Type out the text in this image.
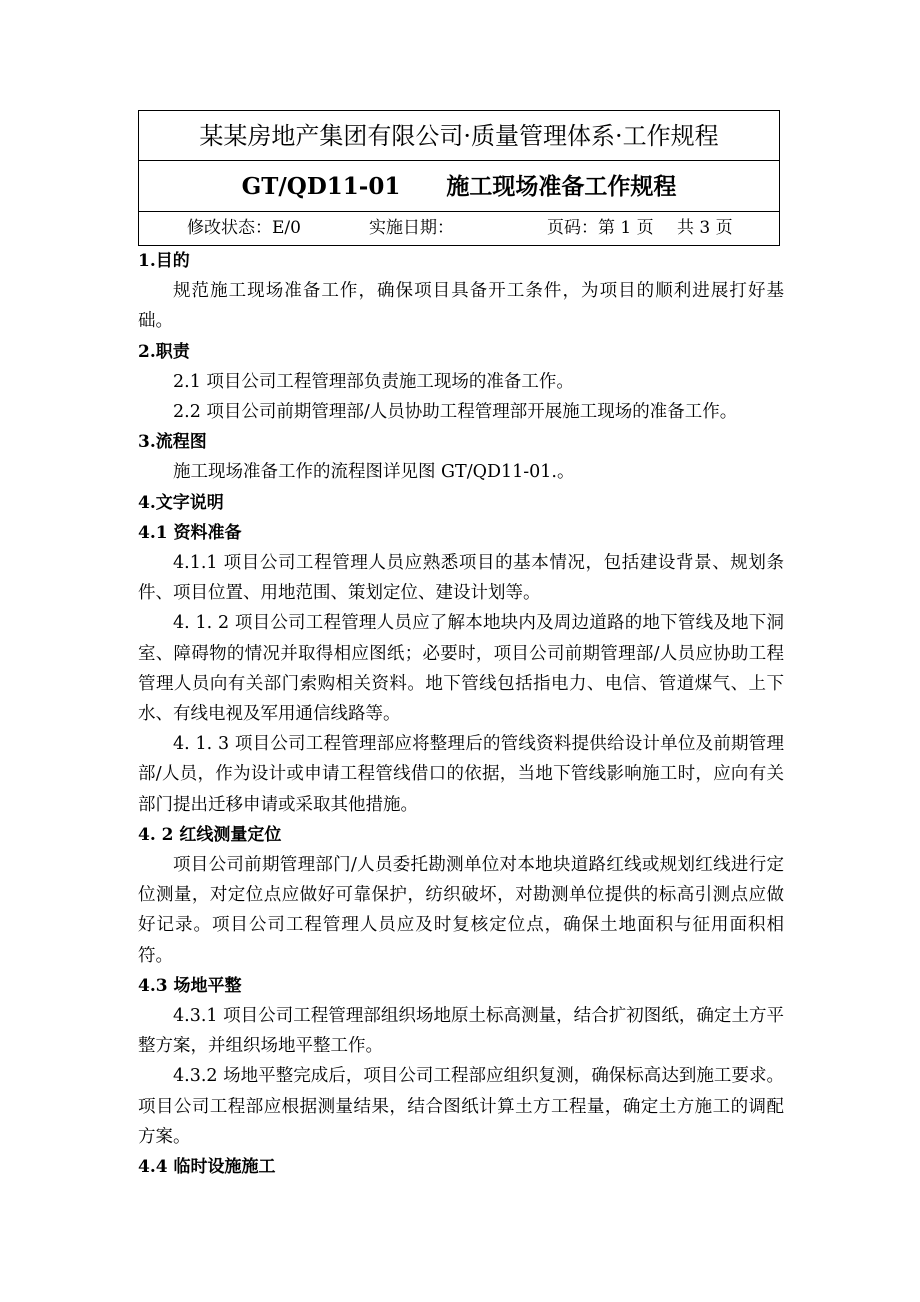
某某房地产集团有限公司·质量管理体系·工作规程
GT/QD11-01 施工现场准备工作规程
修改状态：E/0	实施日期：	页码：第 1 页 共 3 页

1.目的

规范施工现场准备工作，确保项目具备开工条件，为项目的顺利进展打好基础。

2.职责

2.1 项目公司工程管理部负责施工现场的准备工作。

2.2 项目公司前期管理部/人员协助工程管理部开展施工现场的准备工作。

3.流程图

施工现场准备工作的流程图详见图 GT/QD11-01.。

4.文字说明

4.1 资料准备

4.1.1 项目公司工程管理人员应熟悉项目的基本情况，包括建设背景、规划条件、项目位置、用地范围、策划定位、建设计划等。

4. 1. 2 项目公司工程管理人员应了解本地块内及周边道路的地下管线及地下洞室、障碍物的情况并取得相应图纸；必要时，项目公司前期管理部/人员应协助工程管理人员向有关部门索购相关资料。地下管线包括指电力、电信、管道煤气、上下水、有线电视及军用通信线路等。

4. 1. 3 项目公司工程管理部应将整理后的管线资料提供给设计单位及前期管理部/人员，作为设计或申请工程管线借口的依据，当地下管线影响施工时，应向有关部门提出迁移申请或采取其他措施。

4. 2 红线测量定位

项目公司前期管理部门/人员委托勘测单位对本地块道路红线或规划红线进行定位测量，对定位点应做好可靠保护，纺织破坏，对勘测单位提供的标高引测点应做好记录。项目公司工程管理人员应及时复核定位点，确保土地面积与征用面积相符。

4.3 场地平整

4.3.1 项目公司工程管理部组织场地原土标高测量，结合扩初图纸，确定土方平整方案，并组织场地平整工作。

4.3.2 场地平整完成后，项目公司工程部应组织复测，确保标高达到施工要求。项目公司工程部应根据测量结果，结合图纸计算土方工程量，确定土方施工的调配方案。

4.4 临时设施施工
